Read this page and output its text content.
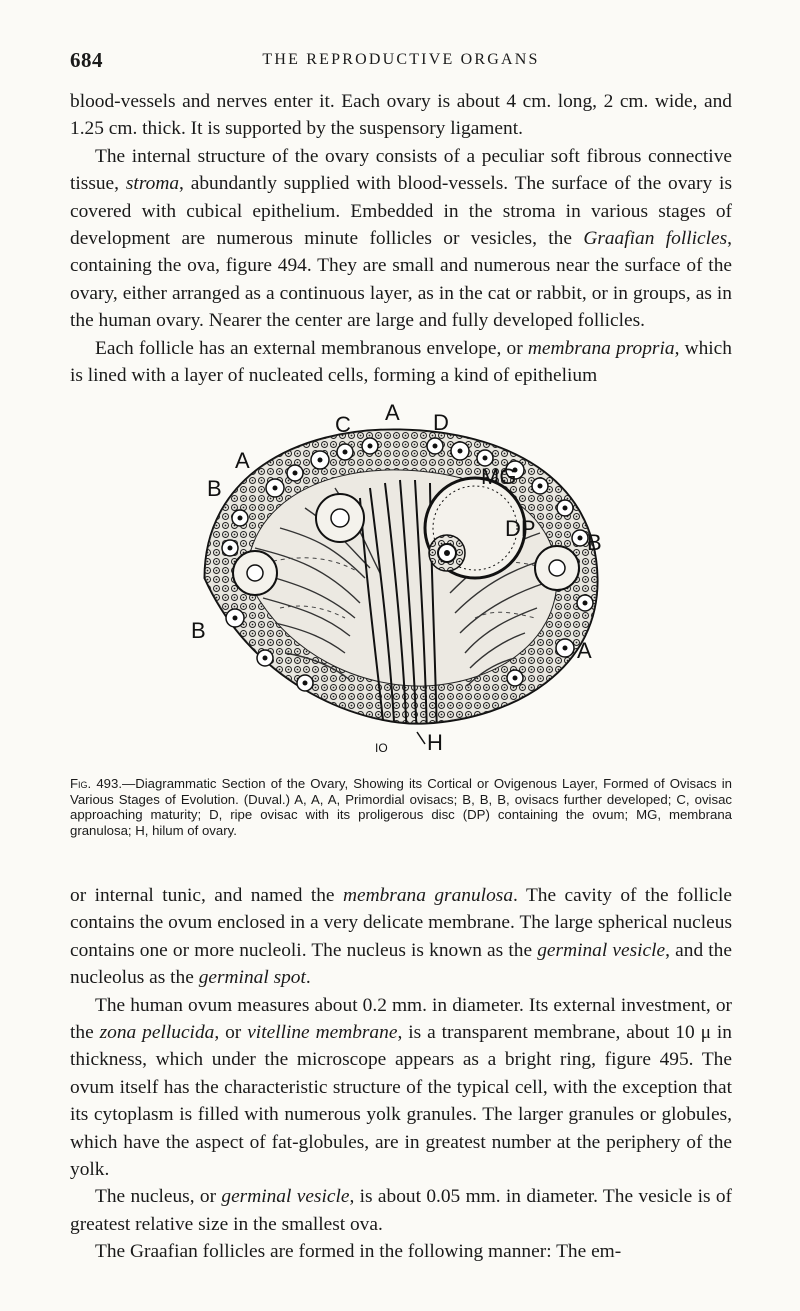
684	THE REPRODUCTIVE ORGANS

blood-vessels and nerves enter it. Each ovary is about 4 cm. long, 2 cm. wide, and 1.25 cm. thick. It is supported by the suspensory ligament.

The internal structure of the ovary consists of a peculiar soft fibrous connective tissue, stroma, abundantly supplied with blood-vessels. The surface of the ovary is covered with cubical epithelium. Embedded in the stroma in various stages of development are numerous minute follicles or vesicles, the Graafian follicles, containing the ova, figure 494. They are small and numerous near the surface of the ovary, either arranged as a continuous layer, as in the cat or rabbit, or in groups, as in the human ovary. Nearer the center are large and fully developed follicles.

Each follicle has an external membranous envelope, or membrana propria, which is lined with a layer of nucleated cells, forming a kind of epithelium

C A D
A
B
B
B
A
MG
DP
H
IO
Fig. 493.—Diagrammatic Section of the Ovary, Showing its Cortical or Ovigenous Layer, Formed of Ovisacs in Various Stages of Evolution. (Duval.) A, A, A, Primordial ovisacs; B, B, B, ovisacs further developed; C, ovisac approaching maturity; D, ripe ovisac with its proligerous disc (DP) containing the ovum; MG, membrana granulosa; H, hilum of ovary.

or internal tunic, and named the membrana granulosa. The cavity of the follicle contains the ovum enclosed in a very delicate membrane. The large spherical nucleus contains one or more nucleoli. The nucleus is known as the germinal vesicle, and the nucleolus as the germinal spot.

The human ovum measures about 0.2 mm. in diameter. Its external investment, or the zona pellucida, or vitelline membrane, is a transparent membrane, about 10 μ in thickness, which under the microscope appears as a bright ring, figure 495. The ovum itself has the characteristic structure of the typical cell, with the exception that its cytoplasm is filled with numerous yolk granules. The larger granules or globules, which have the aspect of fat-globules, are in greatest number at the periphery of the yolk.

The nucleus, or germinal vesicle, is about 0.05 mm. in diameter. The vesicle is of greatest relative size in the smallest ova.

The Graafian follicles are formed in the following manner: The em-
